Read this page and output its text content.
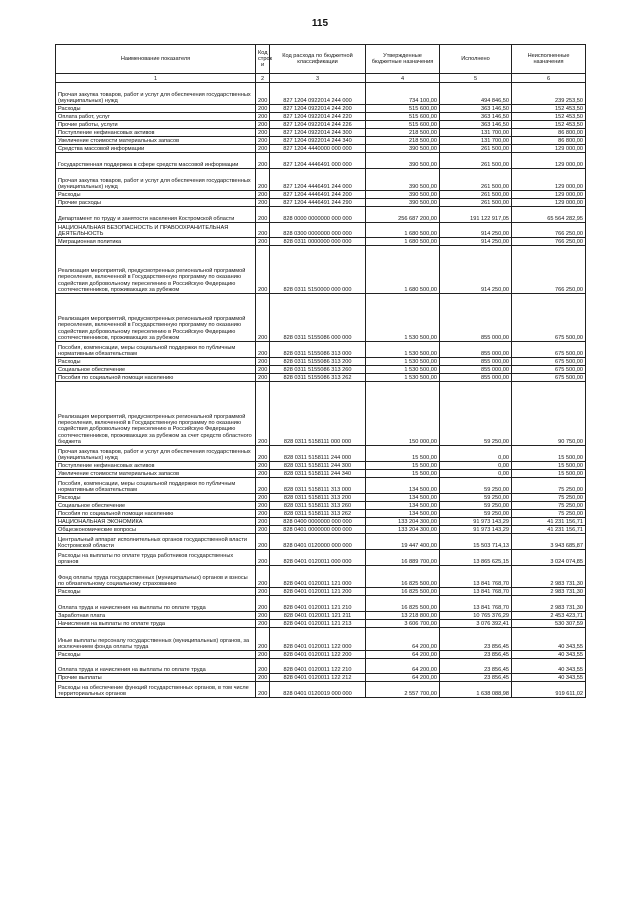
115
Наименование показателя	Код строк и	Код расхода по бюджетной классификации	Утвержденные бюджетные назначения	Исполнено	Неисполненные назначения
1	2	3	4	5	6
Прочая закупка товаров, работ и услуг для обеспечения государственных (муниципальных) нужд	200	827 1204 0922014 244 000	734 100,00	494 846,50	239 253,50
Расходы	200	827 1204 0922014 244 200	515 600,00	363 146,50	152 453,50
Оплата работ, услуг	200	827 1204 0922014 244 220	515 600,00	363 146,50	152 453,50
Прочие работы, услуги	200	827 1204 0922014 244 226	515 600,00	363 146,50	152 453,50
Поступление нефинансовых активов	200	827 1204 0922014 244 300	218 500,00	131 700,00	86 800,00
Увеличение стоимости материальных запасов	200	827 1204 0922014 244 340	218 500,00	131 700,00	86 800,00
Средства массовой информации	200	827 1204 4440000 000 000	390 500,00	261 500,00	129 000,00
Государственная поддержка в сфере средств массовой информации	200	827 1204 4446491 000 000	390 500,00	261 500,00	129 000,00
Прочая закупка товаров, работ и услуг для обеспечения государственных (муниципальных) нужд	200	827 1204 4446491 244 000	390 500,00	261 500,00	129 000,00
Расходы	200	827 1204 4446491 244 200	390 500,00	261 500,00	129 000,00
Прочие расходы	200	827 1204 4446491 244 290	390 500,00	261 500,00	129 000,00
Департамент по труду и занятости населения Костромской области	200	828 0000 0000000 000 000	256 687 200,00	191 122 917,05	65 564 282,95
НАЦИОНАЛЬНАЯ БЕЗОПАСНОСТЬ И ПРАВООХРАНИТЕЛЬНАЯ ДЕЯТЕЛЬНОСТЬ	200	828 0300 0000000 000 000	1 680 500,00	914 250,00	766 250,00
Миграционная политика	200	828 0311 0000000 000 000	1 680 500,00	914 250,00	766 250,00
Реализация мероприятий, предусмотренных региональной программой переселения, включенной в Государственную программу по оказанию содействия добровольному переселению в Российскую Федерацию соотечественников, проживающих за рубежом	200	828 0311 5150000 000 000	1 680 500,00	914 250,00	766 250,00
Реализация мероприятий, предусмотренных региональной программой переселения, включенной в Государственную программу по оказанию содействия добровольному переселению в Российскую Федерацию соотечественников, проживающих за рубежом	200	828 0311 5155086 000 000	1 530 500,00	855 000,00	675 500,00
Пособия, компенсации, меры социальной поддержки по публичным нормативным обязательствам	200	828 0311 5155086 313 000	1 530 500,00	855 000,00	675 500,00
Расходы	200	828 0311 5155086 313 200	1 530 500,00	855 000,00	675 500,00
Социальное обеспечение	200	828 0311 5155086 313 260	1 530 500,00	855 000,00	675 500,00
Пособия по социальной помощи населению	200	828 0311 5155086 313 262	1 530 500,00	855 000,00	675 500,00
Реализация мероприятий, предусмотренных региональной программой переселения, включенной в Государственную программу по оказанию содействия добровольному переселению в Российскую Федерацию соотечественников, проживающих за рубежом за счет средств областного бюджета	200	828 0311 5158111 000 000	150 000,00	59 250,00	90 750,00
Прочая закупка товаров, работ и услуг для обеспечения государственных (муниципальных) нужд	200	828 0311 5158111 244 000	15 500,00	0,00	15 500,00
Поступление нефинансовых активов	200	828 0311 5158111 244 300	15 500,00	0,00	15 500,00
Увеличение стоимости материальных запасов	200	828 0311 5158111 244 340	15 500,00	0,00	15 500,00
Пособия, компенсации, меры социальной поддержки по публичным нормативным обязательствам	200	828 0311 5158111 313 000	134 500,00	59 250,00	75 250,00
Расходы	200	828 0311 5158111 313 200	134 500,00	59 250,00	75 250,00
Социальное обеспечение	200	828 0311 5158111 313 260	134 500,00	59 250,00	75 250,00
Пособия по социальной помощи населению	200	828 0311 5158111 313 262	134 500,00	59 250,00	75 250,00
НАЦИОНАЛЬНАЯ ЭКОНОМИКА	200	828 0400 0000000 000 000	133 204 300,00	91 973 143,29	41 231 156,71
Общеэкономические вопросы	200	828 0401 0000000 000 000	133 204 300,00	91 973 143,29	41 231 156,71
Центральный аппарат исполнительных органов государственной власти Костромской области	200	828 0401 0120000 000 000	19 447 400,00	15 503 714,13	3 943 685,87
Расходы на выплаты по оплате труда работников государственных органов	200	828 0401 0120011 000 000	16 889 700,00	13 865 625,15	3 024 074,85
Фонд оплаты труда государственных (муниципальных) органов и взносы по обязательному социальному страхованию	200	828 0401 0120011 121 000	16 825 500,00	13 841 768,70	2 983 731,30
Расходы	200	828 0401 0120011 121 200	16 825 500,00	13 841 768,70	2 983 731,30
Оплата труда и начисления на выплаты по оплате труда	200	828 0401 0120011 121 210	16 825 500,00	13 841 768,70	2 983 731,30
Заработная плата	200	828 0401 0120011 121 211	13 218 800,00	10 765 376,29	2 453 423,71
Начисления на выплаты по оплате труда	200	828 0401 0120011 121 213	3 606 700,00	3 076 392,41	530 307,59
Иные выплаты персоналу государственных (муниципальных) органов, за исключением фонда оплаты труда	200	828 0401 0120011 122 000	64 200,00	23 856,45	40 343,55
Расходы	200	828 0401 0120011 122 200	64 200,00	23 856,45	40 343,55
Оплата труда и начисления на выплаты по оплате труда	200	828 0401 0120011 122 210	64 200,00	23 856,45	40 343,55
Прочие выплаты	200	828 0401 0120011 122 212	64 200,00	23 856,45	40 343,55
Расходы на обеспечение функций государственных органов, в том числе территориальных органов	200	828 0401 0120019 000 000	2 557 700,00	1 638 088,98	919 611,02
